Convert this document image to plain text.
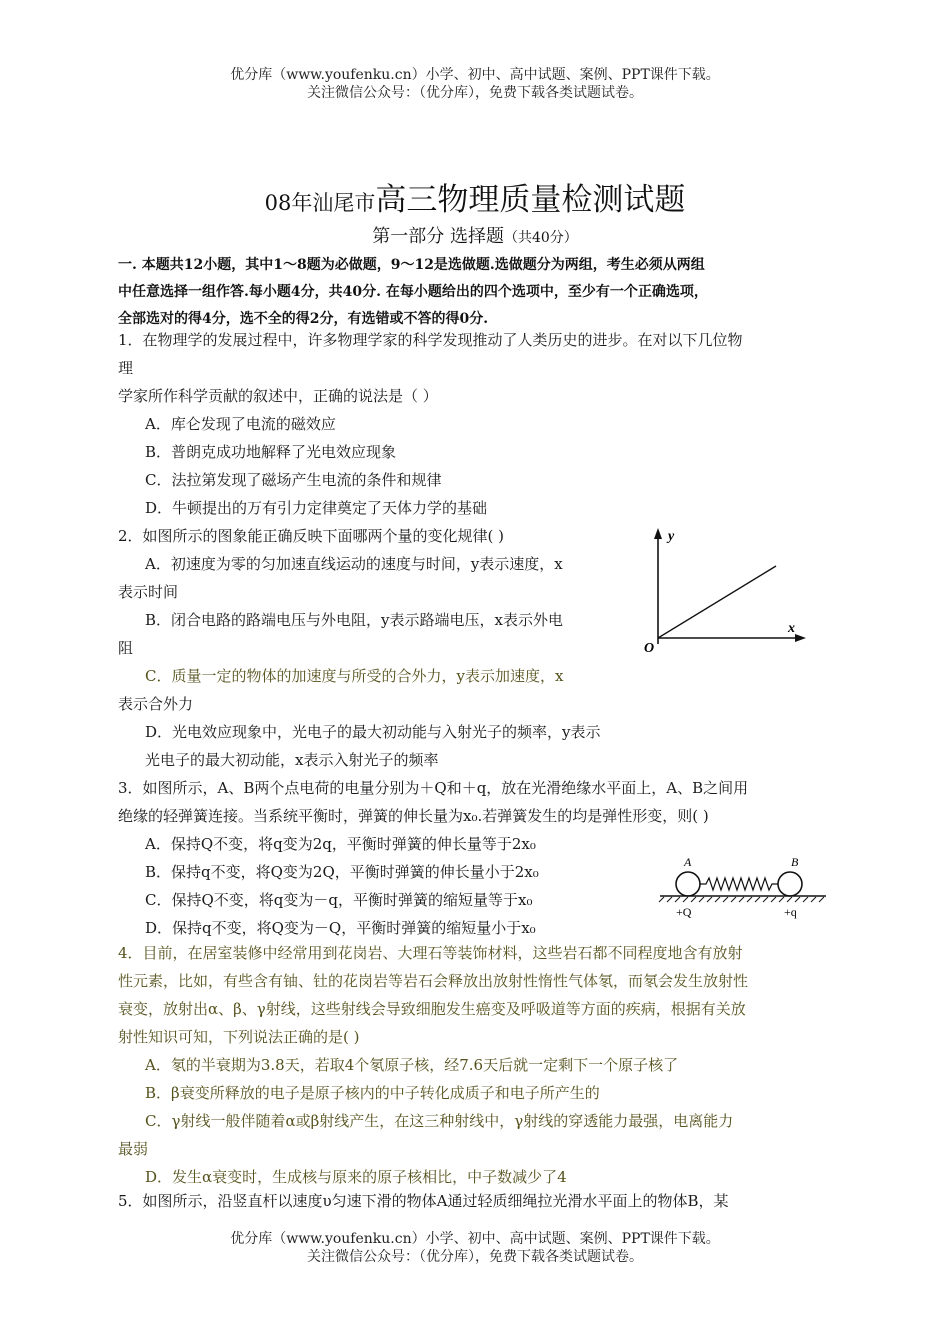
优分库（www.youfenku.cn）小学、初中、高中试题、案例、PPT课件下载。
关注微信公众号：（优分库），免费下载各类试题试卷。
08年汕尾市高三物理质量检测试题
第一部分 选择题（共40分）
一. 本题共12小题，其中1～8题为必做题，9～12是选做题.选做题分为两组，考生必须从两组
中任意选择一组作答.每小题4分，共40分. 在每小题给出的四个选项中，至少有一个正确选项，
全部选对的得4分，选不全的得2分，有选错或不答的得0分.
1．在物理学的发展过程中，许多物理学家的科学发现推动了人类历史的进步。在对以下几位物
理
学家所作科学贡献的叙述中，正确的说法是（ ）
A．库仑发现了电流的磁效应
B．普朗克成功地解释了光电效应现象
C．法拉第发现了磁场产生电流的条件和规律
D．牛顿提出的万有引力定律奠定了天体力学的基础
2．如图所示的图象能正确反映下面哪两个量的变化规律( )
A．初速度为零的匀加速直线运动的速度与时间，y表示速度，x
表示时间
B．闭合电路的路端电压与外电阻，y表示路端电压，x表示外电
阻
C．质量一定的物体的加速度与所受的合外力，y表示加速度，x
表示合外力
D．光电效应现象中，光电子的最大初动能与入射光子的频率，y表示
光电子的最大初动能，x表示入射光子的频率
y
x
O
3．如图所示，A、B两个点电荷的电量分别为＋Q和＋q，放在光滑绝缘水平面上，A、B之间用
绝缘的轻弹簧连接。当系统平衡时，弹簧的伸长量为x₀.若弹簧发生的均是弹性形变，则( )
A．保持Q不变，将q变为2q，平衡时弹簧的伸长量等于2x₀
B．保持q不变，将Q变为2Q，平衡时弹簧的伸长量小于2x₀
C．保持Q不变，将q变为－q，平衡时弹簧的缩短量等于x₀
D．保持q不变，将Q变为－Q，平衡时弹簧的缩短量小于x₀
A	B
+Q	+q
4．目前，在居室装修中经常用到花岗岩、大理石等装饰材料，这些岩石都不同程度地含有放射
性元素，比如，有些含有铀、钍的花岗岩等岩石会释放出放射性惰性气体氡，而氡会发生放射性
衰变，放射出α、β、γ射线，这些射线会导致细胞发生癌变及呼吸道等方面的疾病，根据有关放
射性知识可知，下列说法正确的是( )
A．氡的半衰期为3.8天，若取4个氡原子核，经7.6天后就一定剩下一个原子核了
B．β衰变所释放的电子是原子核内的中子转化成质子和电子所产生的
C．γ射线一般伴随着α或β射线产生，在这三种射线中，γ射线的穿透能力最强，电离能力
最弱
D．发生α衰变时，生成核与原来的原子核相比，中子数减少了4
5．如图所示，沿竖直杆以速度υ匀速下滑的物体A通过轻质细绳拉光滑水平面上的物体B，某
优分库（www.youfenku.cn）小学、初中、高中试题、案例、PPT课件下载。
关注微信公众号：（优分库），免费下载各类试题试卷。
